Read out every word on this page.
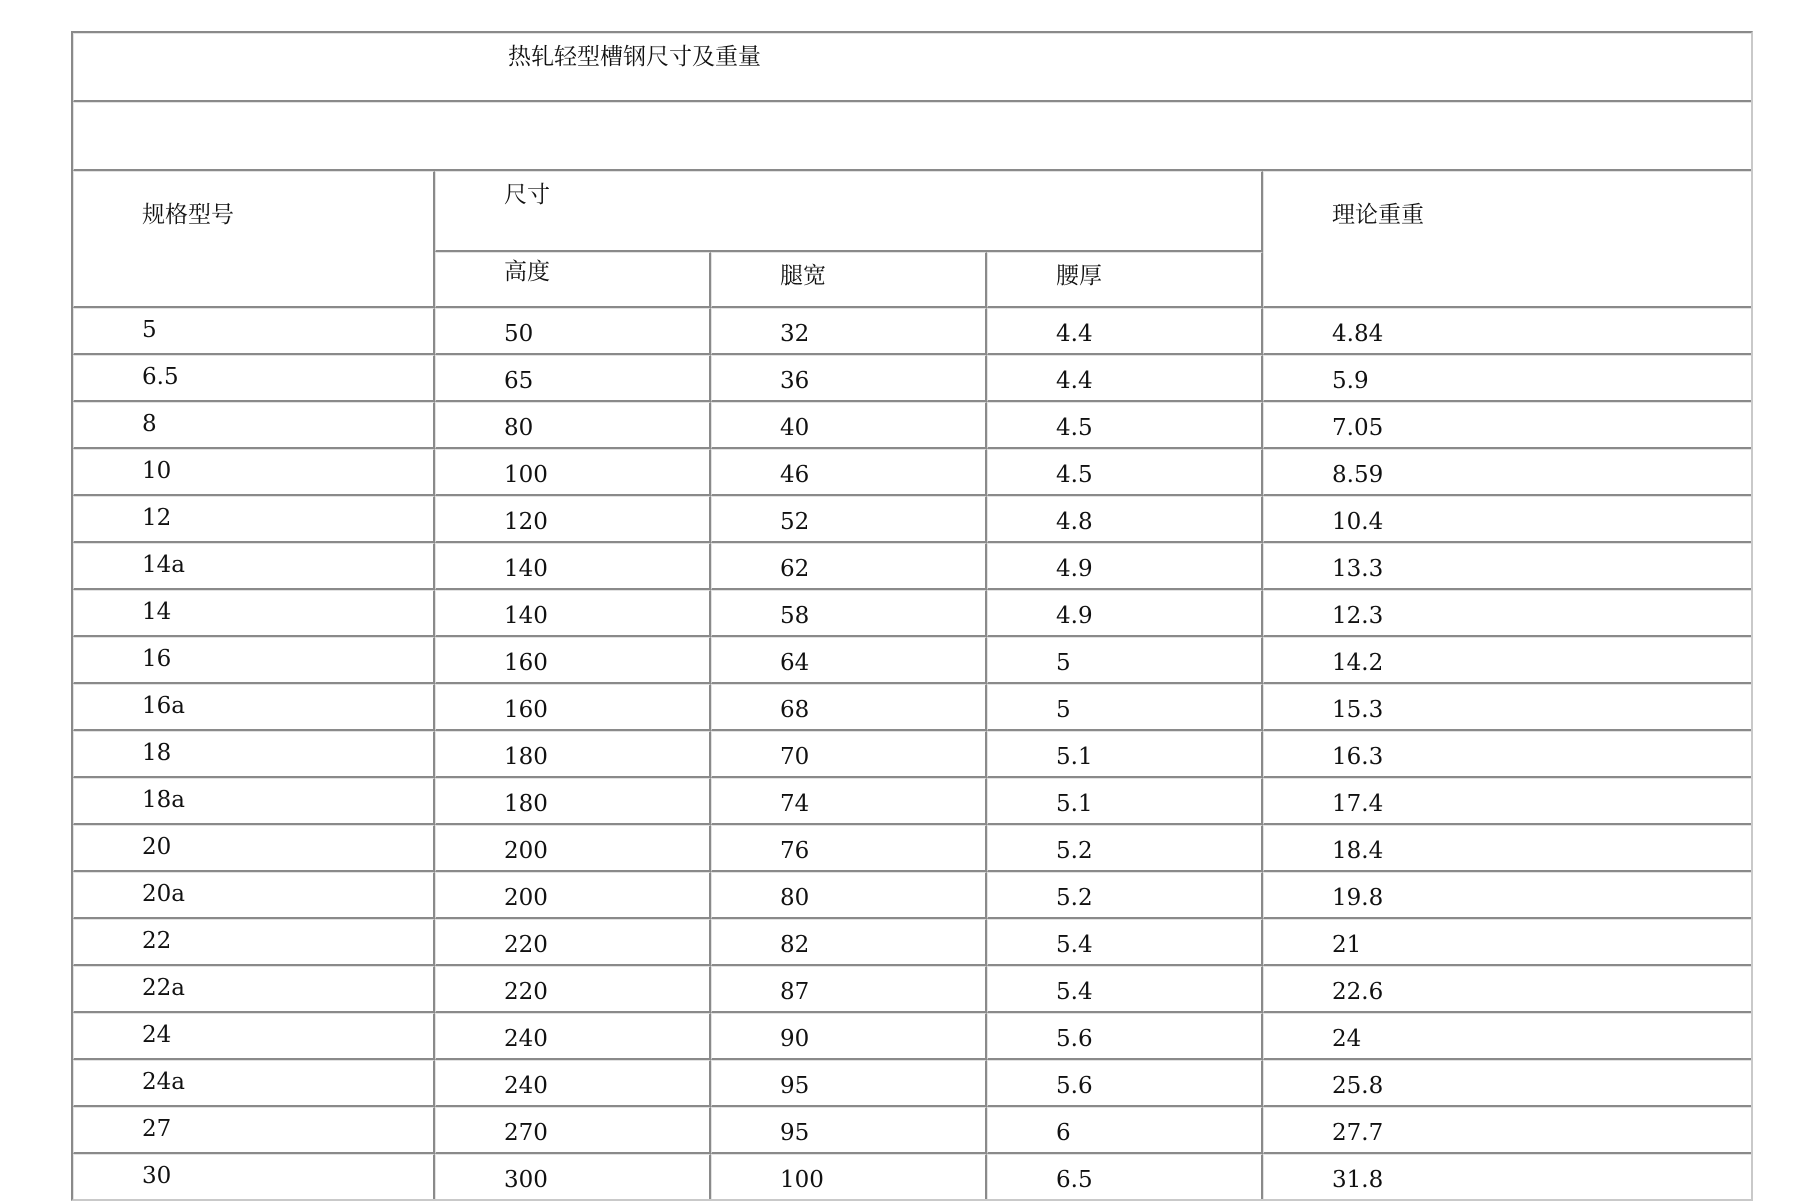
热轧轻型槽钢尺寸及重量				

规格型号	尺寸			理论重重

	高度	腿宽	腰厚	

5	50	32	4.4	4.84

6.5	65	36	4.4	5.9

8	80	40	4.5	7.05

10	100	46	4.5	8.59

12	120	52	4.8	10.4

14a	140	62	4.9	13.3

14	140	58	4.9	12.3

16	160	64	5	14.2

16a	160	68	5	15.3

18	180	70	5.1	16.3

18a	180	74	5.1	17.4

20	200	76	5.2	18.4

20a	200	80	5.2	19.8

22	220	82	5.4	21

22a	220	87	5.4	22.6

24	240	90	5.6	24

24a	240	95	5.6	25.8

27	270	95	6	27.7

30	300	100	6.5	31.8
